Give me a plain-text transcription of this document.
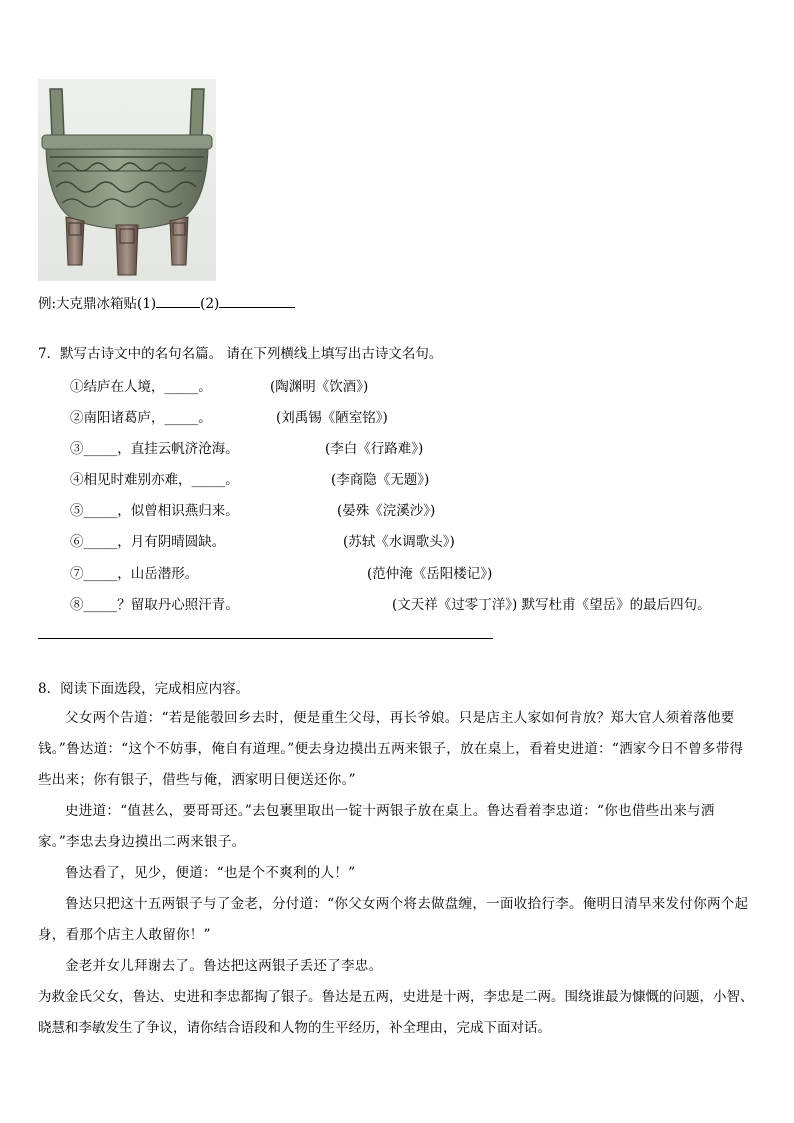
例:大克鼎冰箱贴(1)	(2)
7．默写古诗文中的名句名篇。 请在下列横线上填写出古诗文名句。
①结庐在人境，_____。	(陶渊明《饮酒》)
②南阳诸葛庐，_____。	(刘禹锡《陋室铭》)
③_____，直挂云帆济沧海。	(李白《行路难》)
④相见时难别亦难，_____。	(李商隐《无题》)
⑤_____，似曾相识燕归来。	(晏殊《浣溪沙》)
⑥_____，月有阴晴圆缺。	(苏轼《水调歌头》)
⑦_____，山岳潜形。	(范仲淹《岳阳楼记》)
⑧_____？留取丹心照汗青。	(文天祥《过零丁洋》) 默写杜甫《望岳》的最后四句。
8．阅读下面选段，完成相应内容。
父女两个告道：“若是能彀回乡去时，便是重生父母，再长爷娘。只是店主人家如何肯放？郑大官人须着落他要钱。”鲁达道：“这个不妨事，俺自有道理。”便去身边摸出五两来银子，放在桌上，看着史进道：“洒家今日不曾多带得些出来；你有银子，借些与俺，洒家明日便送还你。”
史进道：“值甚么，要哥哥还。”去包裹里取出一锭十两银子放在桌上。鲁达看着李忠道：“你也借些出来与洒家。”李忠去身边摸出二两来银子。
鲁达看了，见少，便道：“也是个不爽利的人！”
鲁达只把这十五两银子与了金老，分付道：“你父女两个将去做盘缠，一面收拾行李。俺明日清早来发付你两个起身，看那个店主人敢留你！”
金老并女儿拜谢去了。鲁达把这两银子丢还了李忠。
为救金氏父女，鲁达、史进和李忠都掏了银子。鲁达是五两，史进是十两，李忠是二两。围绕谁最为慷慨的问题，小智、晓慧和李敏发生了争议，请你结合语段和人物的生平经历，补全理由，完成下面对话。
